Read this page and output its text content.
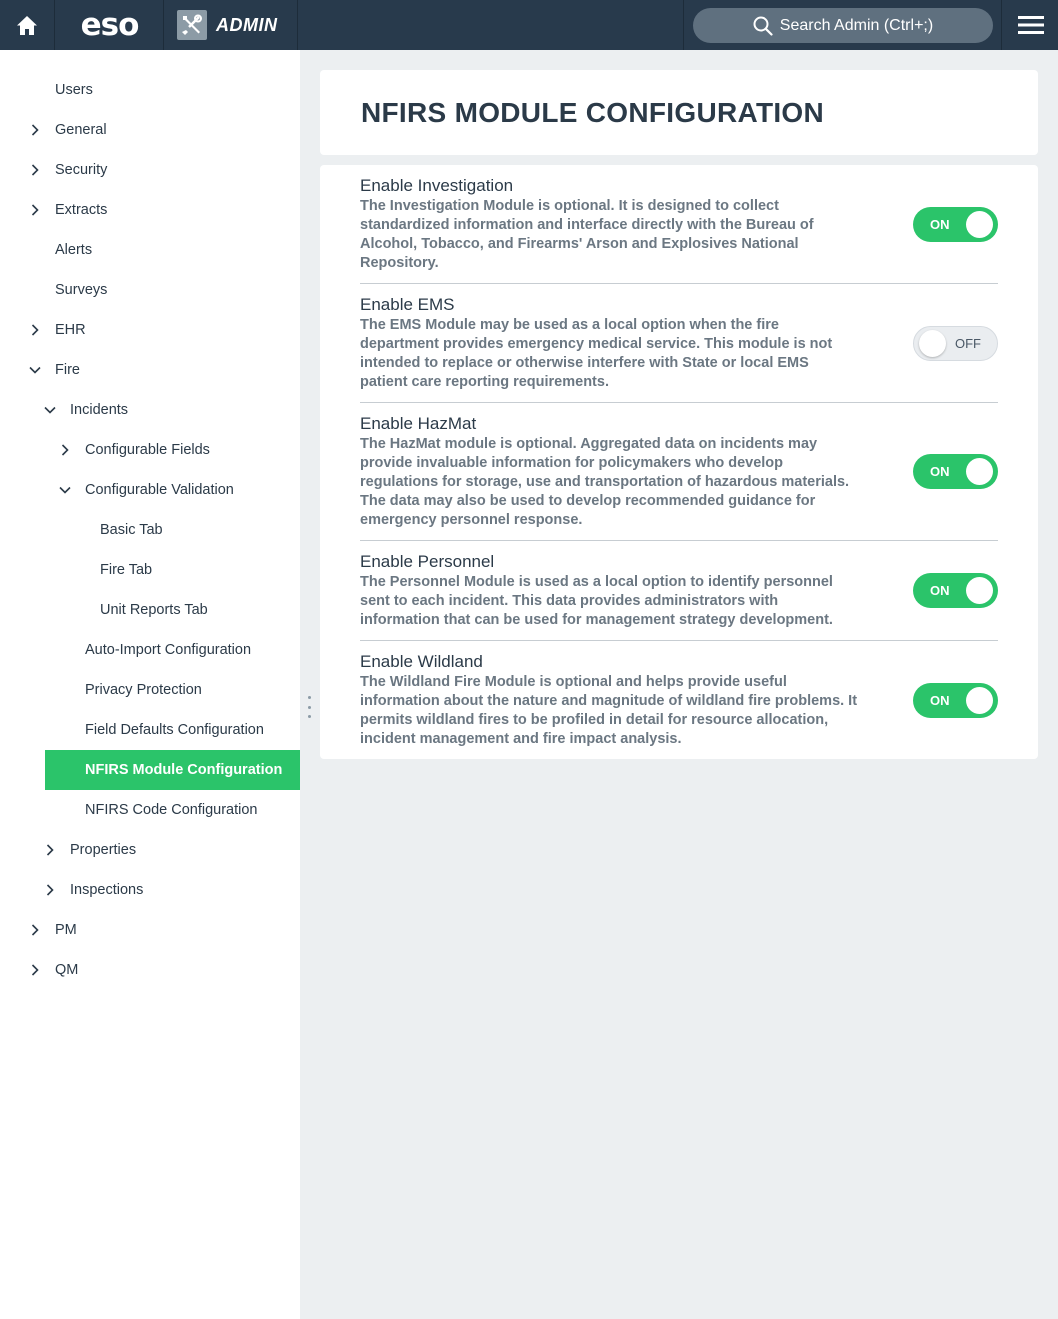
eso	ADMIN	Search Admin (Ctrl+;)
Users
General
Security
Extracts
Alerts
Surveys
EHR
Fire
Incidents
Configurable Fields
Configurable Validation
Basic Tab
Fire Tab
Unit Reports Tab
Auto-Import Configuration
Privacy Protection
Field Defaults Configuration
NFIRS Module Configuration
NFIRS Code Configuration
Properties
Inspections
PM
QM
NFIRS MODULE CONFIGURATION
Enable Investigation
The Investigation Module is optional. It is designed to collect standardized information and interface directly with the Bureau of Alcohol, Tobacco, and Firearms' Arson and Explosives National Repository.
ON
Enable EMS
The EMS Module may be used as a local option when the fire department provides emergency medical service. This module is not intended to replace or otherwise interfere with State or local EMS patient care reporting requirements.
OFF
Enable HazMat
The HazMat module is optional. Aggregated data on incidents may provide invaluable information for policymakers who develop regulations for storage, use and transportation of hazardous materials. The data may also be used to develop recommended guidance for emergency personnel response.
ON
Enable Personnel
The Personnel Module is used as a local option to identify personnel sent to each incident. This data provides administrators with information that can be used for management strategy development.
ON
Enable Wildland
The Wildland Fire Module is optional and helps provide useful information about the nature and magnitude of wildland fire problems. It permits wildland fires to be profiled in detail for resource allocation, incident management and fire impact analysis.
ON
